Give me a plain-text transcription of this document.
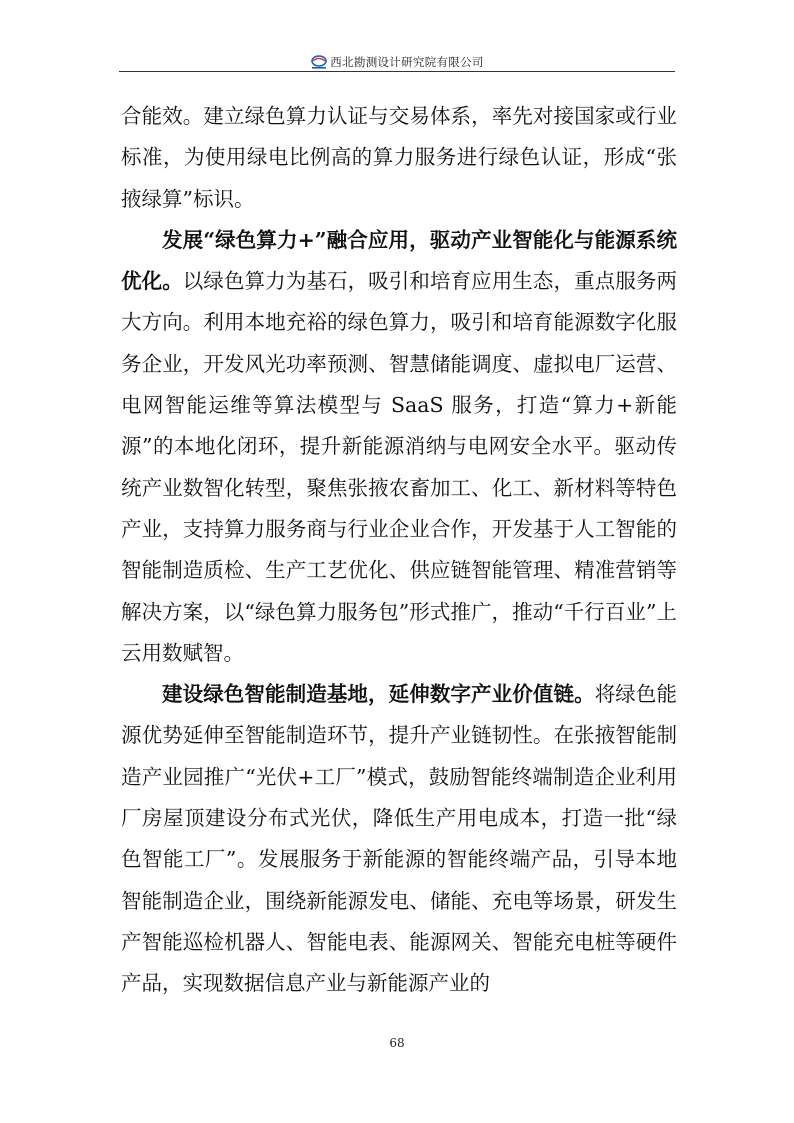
西北勘测设计研究院有限公司

合能效。建立绿色算力认证与交易体系，率先对接国家或行业标准，为使用绿电比例高的算力服务进行绿色认证，形成“张掖绿算”标识。

发展“绿色算力+”融合应用，驱动产业智能化与能源系统优化。以绿色算力为基石，吸引和培育应用生态，重点服务两大方向。利用本地充裕的绿色算力，吸引和培育能源数字化服务企业，开发风光功率预测、智慧储能调度、虚拟电厂运营、电网智能运维等算法模型与 SaaS 服务，打造“算力+新能源”的本地化闭环，提升新能源消纳与电网安全水平。驱动传统产业数智化转型，聚焦张掖农畜加工、化工、新材料等特色产业，支持算力服务商与行业企业合作，开发基于人工智能的智能制造质检、生产工艺优化、供应链智能管理、精准营销等解决方案，以“绿色算力服务包”形式推广，推动“千行百业”上云用数赋智。

建设绿色智能制造基地，延伸数字产业价值链。将绿色能源优势延伸至智能制造环节，提升产业链韧性。在张掖智能制造产业园推广“光伏+工厂”模式，鼓励智能终端制造企业利用厂房屋顶建设分布式光伏，降低生产用电成本，打造一批“绿色智能工厂”。发展服务于新能源的智能终端产品，引导本地智能制造企业，围绕新能源发电、储能、充电等场景，研发生产智能巡检机器人、智能电表、能源网关、智能充电桩等硬件产品，实现数据信息产业与新能源产业的

68
